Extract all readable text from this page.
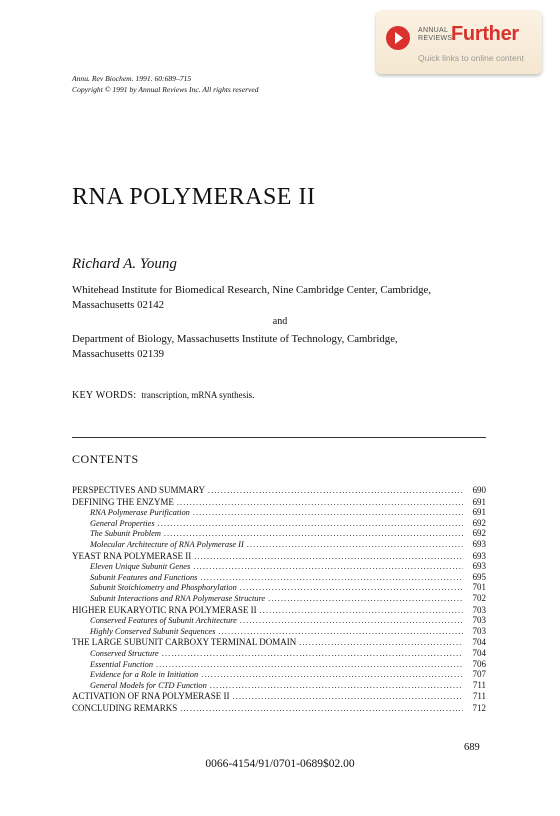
ANNUAL
REVIEWS
Further
Quick links to online content
Annu. Rev Biochem. 1991. 60:689–715
Copyright © 1991 by Annual Reviews Inc. All rights reserved
RNA POLYMERASE II
Richard A. Young
Whitehead Institute for Biomedical Research, Nine Cambridge Center, Cambridge,
Massachusetts 02142
and
Department of Biology, Massachusetts Institute of Technology, Cambridge,
Massachusetts 02139
KEY WORDS: transcription, mRNA synthesis.
CONTENTS
PERSPECTIVES AND SUMMARY .....	690
DEFINING THE ENZYME .....	691
RNA Polymerase Purification .....	691
General Properties .....	692
The Subunit Problem .....	692
Molecular Architecture of RNA Polymerase II .....	693
YEAST RNA POLYMERASE II .....	693
Eleven Unique Subunit Genes .....	693
Subunit Features and Functions .....	695
Subunit Stoichiometry and Phosphorylation .....	701
Subunit Interactions and RNA Polymerase Structure .....	702
HIGHER EUKARYOTIC RNA POLYMERASE II .....	703
Conserved Features of Subunit Architecture .....	703
Highly Conserved Subunit Sequences .....	703
THE LARGE SUBUNIT CARBOXY TERMINAL DOMAIN .....	704
Conserved Structure .....	704
Essential Function .....	706
Evidence for a Role in Initiation .....	707
General Models for CTD Function .....	711
ACTIVATION OF RNA POLYMERASE II .....	711
CONCLUDING REMARKS .....	712
689
0066-4154/91/0701-0689$02.00
